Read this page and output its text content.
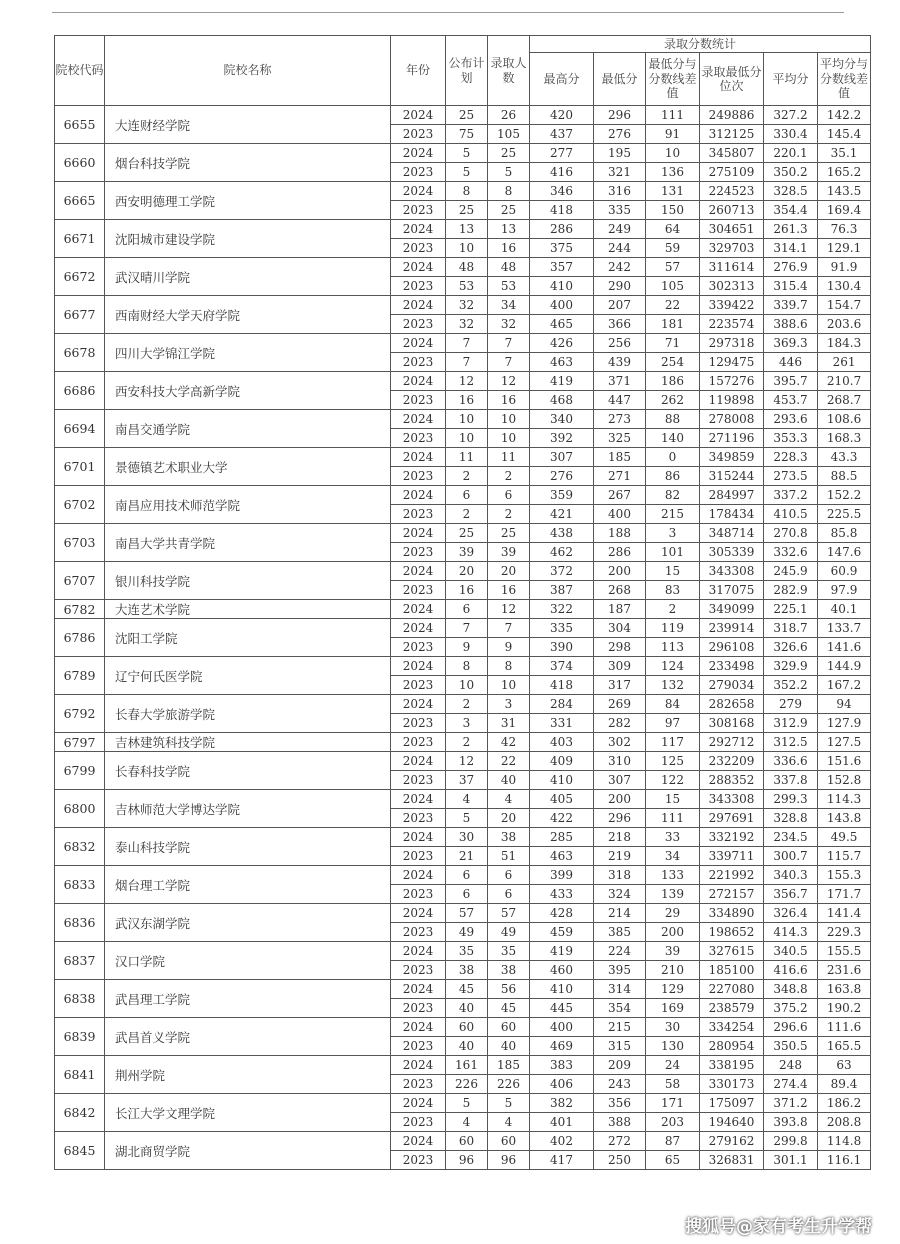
院校代码	院校名称	年份	公布计划	录取人数	录取分数统计					
					最高分	最低分	最低分与分数线差值	录取最低分位次	平均分	平均分与分数线差值
6655	大连财经学院	2024	25	26	420	296	111	249886	327.2	142.2
		2023	75	105	437	276	91	312125	330.4	145.4
6660	烟台科技学院	2024	5	25	277	195	10	345807	220.1	35.1
		2023	5	5	416	321	136	275109	350.2	165.2
6665	西安明德理工学院	2024	8	8	346	316	131	224523	328.5	143.5
		2023	25	25	418	335	150	260713	354.4	169.4
6671	沈阳城市建设学院	2024	13	13	286	249	64	304651	261.3	76.3
		2023	10	16	375	244	59	329703	314.1	129.1
6672	武汉晴川学院	2024	48	48	357	242	57	311614	276.9	91.9
		2023	53	53	410	290	105	302313	315.4	130.4
6677	西南财经大学天府学院	2024	32	34	400	207	22	339422	339.7	154.7
		2023	32	32	465	366	181	223574	388.6	203.6
6678	四川大学锦江学院	2024	7	7	426	256	71	297318	369.3	184.3
		2023	7	7	463	439	254	129475	446	261
6686	西安科技大学高新学院	2024	12	12	419	371	186	157276	395.7	210.7
		2023	16	16	468	447	262	119898	453.7	268.7
6694	南昌交通学院	2024	10	10	340	273	88	278008	293.6	108.6
		2023	10	10	392	325	140	271196	353.3	168.3
6701	景德镇艺术职业大学	2024	11	11	307	185	0	349859	228.3	43.3
		2023	2	2	276	271	86	315244	273.5	88.5
6702	南昌应用技术师范学院	2024	6	6	359	267	82	284997	337.2	152.2
		2023	2	2	421	400	215	178434	410.5	225.5
6703	南昌大学共青学院	2024	25	25	438	188	3	348714	270.8	85.8
		2023	39	39	462	286	101	305339	332.6	147.6
6707	银川科技学院	2024	20	20	372	200	15	343308	245.9	60.9
		2023	16	16	387	268	83	317075	282.9	97.9
6782	大连艺术学院	2024	6	12	322	187	2	349099	225.1	40.1
6786	沈阳工学院	2024	7	7	335	304	119	239914	318.7	133.7
		2023	9	9	390	298	113	296108	326.6	141.6
6789	辽宁何氏医学院	2024	8	8	374	309	124	233498	329.9	144.9
		2023	10	10	418	317	132	279034	352.2	167.2
6792	长春大学旅游学院	2024	2	3	284	269	84	282658	279	94
		2023	3	31	331	282	97	308168	312.9	127.9
6797	吉林建筑科技学院	2023	2	42	403	302	117	292712	312.5	127.5
6799	长春科技学院	2024	12	22	409	310	125	232209	336.6	151.6
		2023	37	40	410	307	122	288352	337.8	152.8
6800	吉林师范大学博达学院	2024	4	4	405	200	15	343308	299.3	114.3
		2023	5	20	422	296	111	297691	328.8	143.8
6832	泰山科技学院	2024	30	38	285	218	33	332192	234.5	49.5
		2023	21	51	463	219	34	339711	300.7	115.7
6833	烟台理工学院	2024	6	6	399	318	133	221992	340.3	155.3
		2023	6	6	433	324	139	272157	356.7	171.7
6836	武汉东湖学院	2024	57	57	428	214	29	334890	326.4	141.4
		2023	49	49	459	385	200	198652	414.3	229.3
6837	汉口学院	2024	35	35	419	224	39	327615	340.5	155.5
		2023	38	38	460	395	210	185100	416.6	231.6
6838	武昌理工学院	2024	45	56	410	314	129	227080	348.8	163.8
		2023	40	45	445	354	169	238579	375.2	190.2
6839	武昌首义学院	2024	60	60	400	215	30	334254	296.6	111.6
		2023	40	40	469	315	130	280954	350.5	165.5
6841	荆州学院	2024	161	185	383	209	24	338195	248	63
		2023	226	226	406	243	58	330173	274.4	89.4
6842	长江大学文理学院	2024	5	5	382	356	171	175097	371.2	186.2
		2023	4	4	401	388	203	194640	393.8	208.8
6845	湖北商贸学院	2024	60	60	402	272	87	279162	299.8	114.8
		2023	96	96	417	250	65	326831	301.1	116.1
搜狐号@家有考生升学帮
